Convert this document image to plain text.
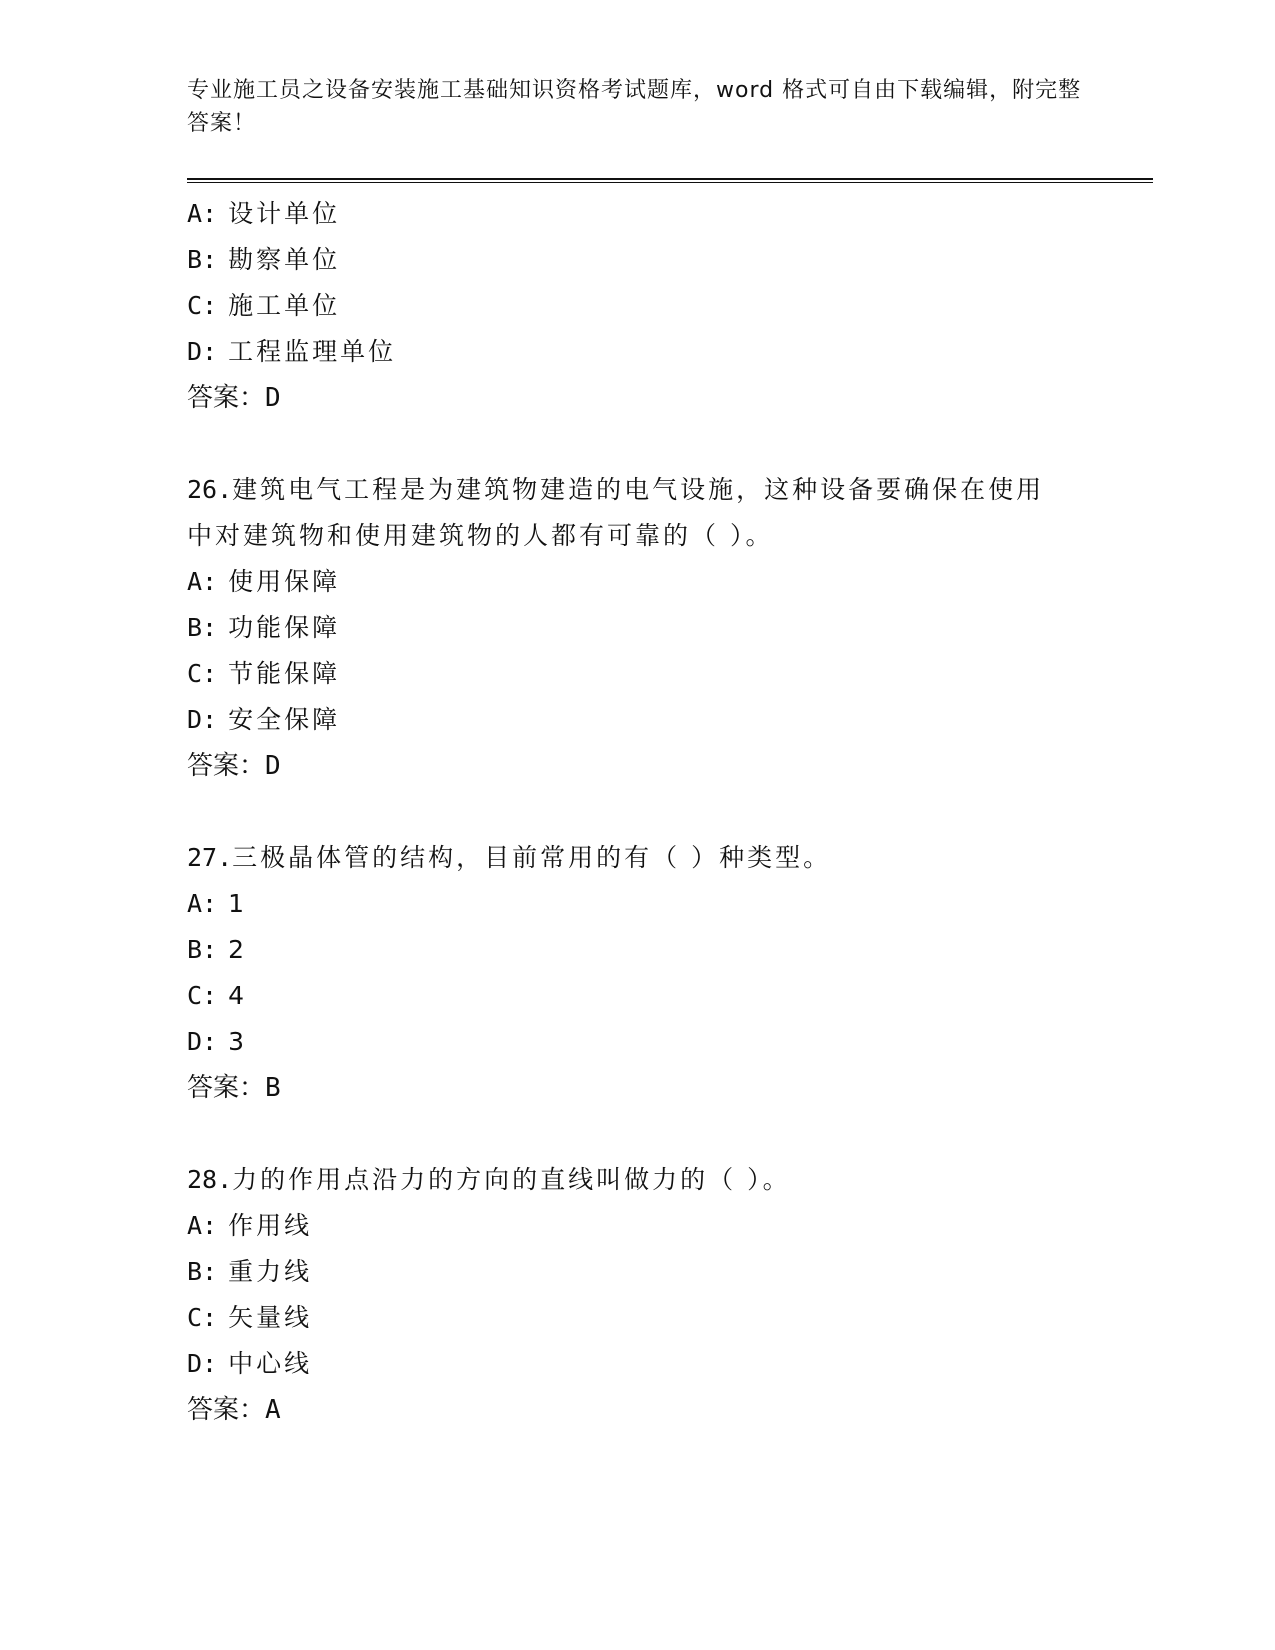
专业施工员之设备安装施工基础知识资格考试题库，word 格式可自由下载编辑，附完整答案！
A: 设计单位
B: 勘察单位
C: 施工单位
D: 工程监理单位
答案：D
26.建筑电气工程是为建筑物建造的电气设施，这种设备要确保在使用中对建筑物和使用建筑物的人都有可靠的（ ）。
A: 使用保障
B: 功能保障
C: 节能保障
D: 安全保障
答案：D
27.三极晶体管的结构，目前常用的有（ ）种类型。
A: 1
B: 2
C: 4
D: 3
答案：B
28.力的作用点沿力的方向的直线叫做力的（ ）。
A: 作用线
B: 重力线
C: 矢量线
D: 中心线
答案：A
